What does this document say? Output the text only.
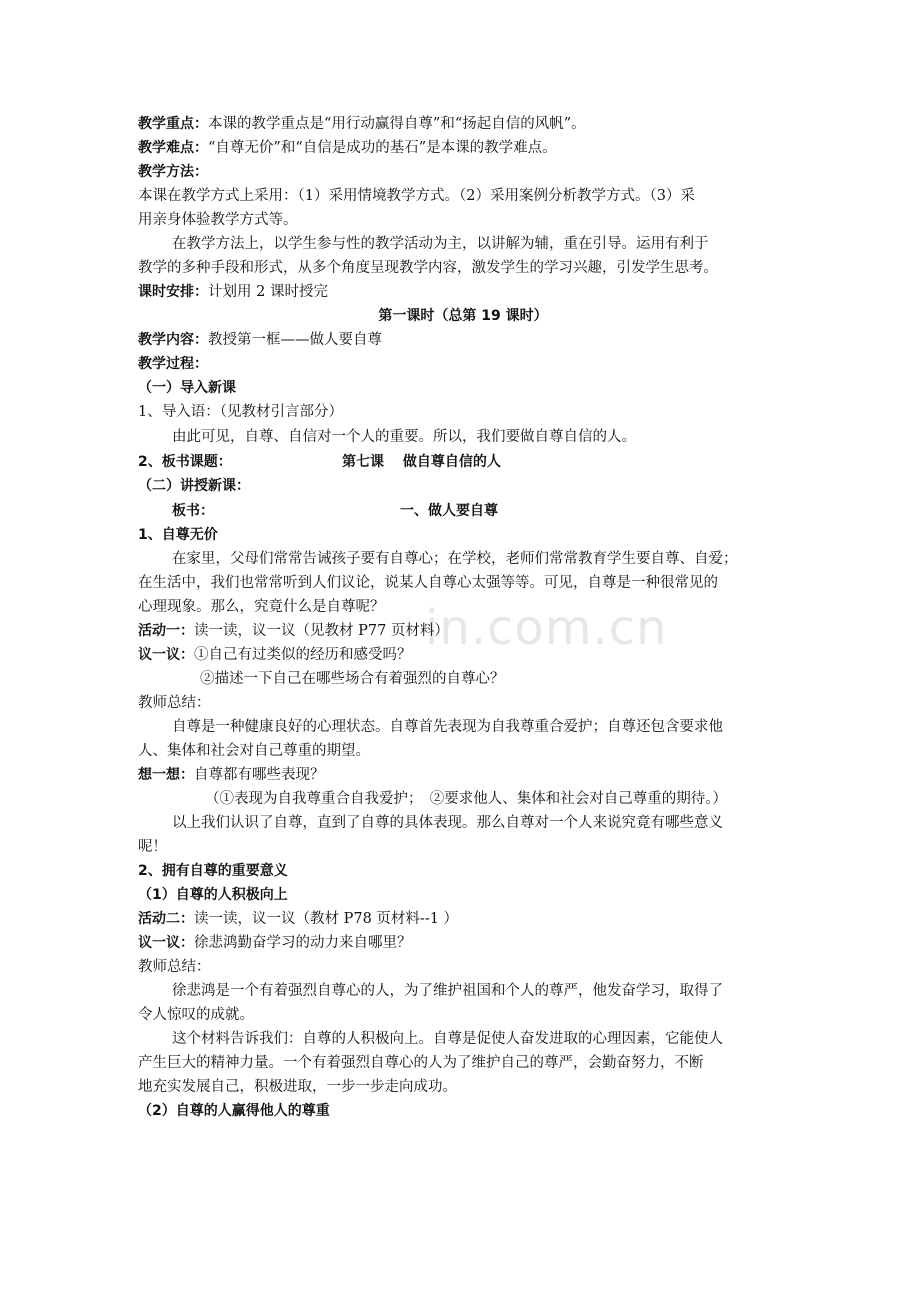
in.com.cn
教学重点：本课的教学重点是“用行动赢得自尊”和“扬起自信的风帆”。
教学难点：“自尊无价”和“自信是成功的基石”是本课的教学难点。
教学方法：
本课在教学方式上采用：（1）采用情境教学方式。（2）采用案例分析教学方式。（3）采
用亲身体验教学方式等。
在教学方法上，以学生参与性的教学活动为主，以讲解为辅，重在引导。运用有利于
教学的多种手段和形式，从多个角度呈现教学内容，激发学生的学习兴趣，引发学生思考。
课时安排：计划用 2 课时授完
第一课时（总第 19 课时）
教学内容：教授第一框——做人要自尊
教学过程：
（一）导入新课
1、导入语：（见教材引言部分）
由此可见，自尊、自信对一个人的重要。所以，我们要做自尊自信的人。
2、板书课题：	第七课　 做自尊自信的人
（二）讲授新课：
板书：	一、做人要自尊
1、自尊无价
在家里，父母们常常告诫孩子要有自尊心；在学校，老师们常常教育学生要自尊、自爱；
在生活中，我们也常常听到人们议论，说某人自尊心太强等等。可见，自尊是一种很常见的
心理现象。那么，究竟什么是自尊呢？
活动一：读一读，议一议（见教材 P77 页材料）
议一议：①自己有过类似的经历和感受吗？
②描述一下自己在哪些场合有着强烈的自尊心？
教师总结：
自尊是一种健康良好的心理状态。自尊首先表现为自我尊重合爱护；自尊还包含要求他
人、集体和社会对自己尊重的期望。
想一想：自尊都有哪些表现？
（①表现为自我尊重合自我爱护；　②要求他人、集体和社会对自己尊重的期待。）
以上我们认识了自尊，直到了自尊的具体表现。那么自尊对一个人来说究竟有哪些意义
呢！
2、拥有自尊的重要意义
（1）自尊的人积极向上
活动二：读一读，议一议（教材 P78 页材料--1 ）
议一议：徐悲鸿勤奋学习的动力来自哪里？
教师总结：
徐悲鸿是一个有着强烈自尊心的人，为了维护祖国和个人的尊严，他发奋学习，取得了
令人惊叹的成就。
这个材料告诉我们：自尊的人积极向上。自尊是促使人奋发进取的心理因素，它能使人
产生巨大的精神力量。一个有着强烈自尊心的人为了维护自己的尊严，会勤奋努力，不断
地充实发展自己，积极进取，一步一步走向成功。
（2）自尊的人赢得他人的尊重
